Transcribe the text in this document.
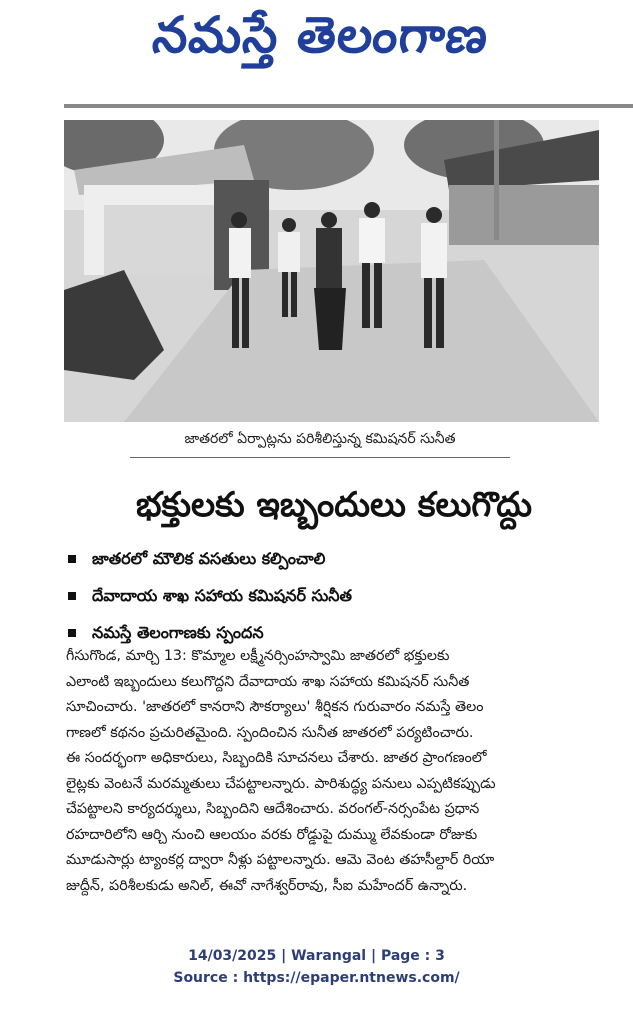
నమస్తే తెలంగాణ
జాతరలో ఏర్పాట్లను పరిశీలిస్తున్న కమిషనర్ సునీత
భక్తులకు ఇబ్బందులు కలుగొద్దు
జాతరలో మౌలిక వసతులు కల్పించాలి
దేవాదాయ శాఖ సహాయ కమిషనర్ సునీత
నమస్తే తెలంగాణకు స్పందన

గీసుగొండ, మార్చి 13: కొమ్మాల లక్ష్మీనర్సింహస్వామి జాతరలో భక్తులకు
ఎలాంటి ఇబ్బందులు కలుగొద్దని దేవాదాయ శాఖ సహాయ కమిషనర్ సునీత
సూచించారు. 'జాతరలో కానరాని సౌకర్యాలు' శీర్షికన గురువారం నమస్తే తెలం
గాణలో కథనం ప్రచురితమైంది. స్పందించిన సునీత జాతరలో పర్యటించారు.
ఈ సందర్భంగా అధికారులు, సిబ్బందికి సూచనలు చేశారు. జాతర ప్రాంగణంలో
లైట్లకు వెంటనే మరమ్మతులు చేపట్టాలన్నారు. పారిశుద్ధ్య పనులు ఎప్పటికప్పుడు
చేపట్టాలని కార్యదర్శులు, సిబ్బందిని ఆదేశించారు. వరంగల్-నర్సంపేట ప్రధాన
రహదారిలోని ఆర్చి నుంచి ఆలయం వరకు రోడ్డుపై దుమ్ము లేవకుండా రోజుకు
మూడుసార్లు ట్యాంకర్ల ద్వారా నీళ్లు పట్టాలన్నారు. ఆమె వెంట తహసీల్దార్ రియా
జుద్దీన్, పరిశీలకుడు అనిల్, ఈవో నాగేశ్వర్‌రావు, సీఐ మహేందర్ ఉన్నారు.

14/03/2025 | Warangal | Page : 3
Source : https://epaper.ntnews.com/
